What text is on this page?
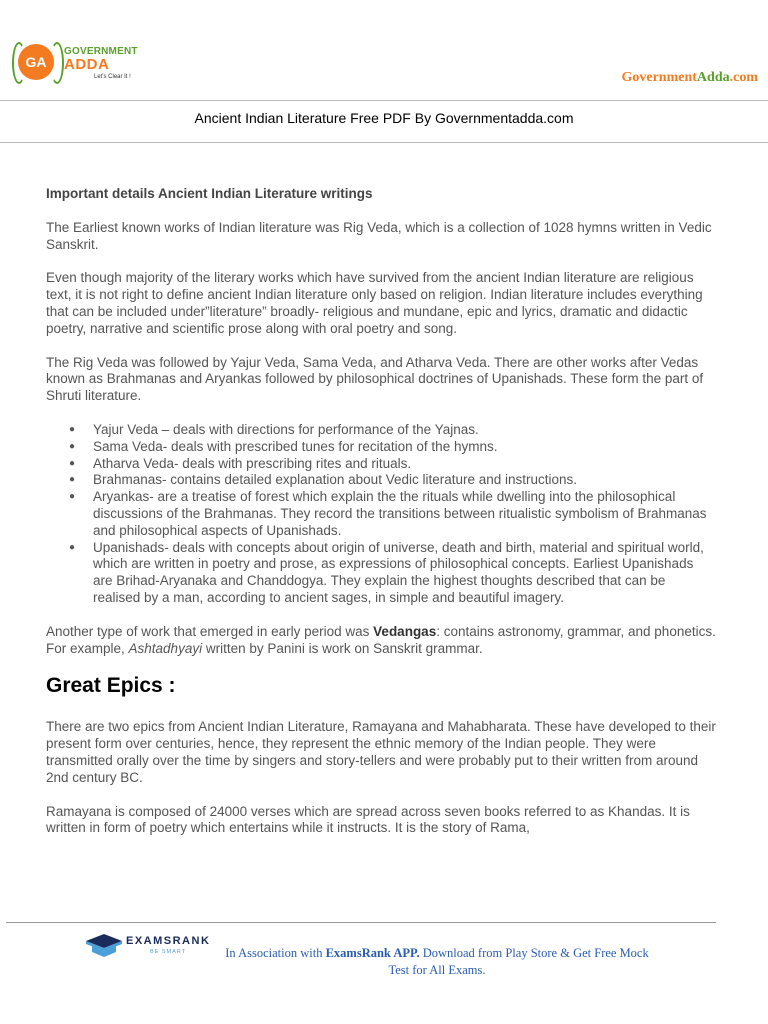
GA
GOVERNMENT
ADDA
Let's Clear It !	GovernmentAdda.com
Ancient Indian Literature Free PDF By Governmentadda.com

Important details Ancient Indian Literature writings

The Earliest known works of Indian literature was Rig Veda, which is a collection of 1028 hymns written in Vedic Sanskrit.

Even though majority of the literary works which have survived from the ancient Indian literature are religious text, it is not right to define ancient Indian literature only based on religion. Indian literature includes everything that can be included under”literature” broadly- religious and mundane, epic and lyrics, dramatic and didactic poetry, narrative and scientific prose along with oral poetry and song.

The Rig Veda was followed by Yajur Veda, Sama Veda, and Atharva Veda. There are other works after Vedas known as Brahmanas and Aryankas followed by philosophical doctrines of Upanishads. These form the part of Shruti literature.

● Yajur Veda – deals with directions for performance of the Yajnas.
● Sama Veda- deals with prescribed tunes for recitation of the hymns.
● Atharva Veda- deals with prescribing rites and rituals.
● Brahmanas- contains detailed explanation about Vedic literature and instructions.
● Aryankas- are a treatise of forest which explain the the rituals while dwelling into the philosophical discussions of the Brahmanas. They record the transitions between ritualistic symbolism of Brahmanas and philosophical aspects of Upanishads.
● Upanishads- deals with concepts about origin of universe, death and birth, material and spiritual world, which are written in poetry and prose, as expressions of philosophical concepts. Earliest Upanishads are Brihad-Aryanaka and Chanddogya. They explain the highest thoughts described that can be realised by a man, according to ancient sages, in simple and beautiful imagery.

Another type of work that emerged in early period was Vedangas: contains astronomy, grammar, and phonetics. For example, Ashtadhyayi written by Panini is work on Sanskrit grammar.

Great Epics :

There are two epics from Ancient Indian Literature, Ramayana and Mahabharata. These have developed to their present form over centuries, hence, they represent the ethnic memory of the Indian people. They were transmitted orally over the time by singers and story-tellers and were probably put to their written from around 2nd century BC.

Ramayana is composed of 24000 verses which are spread across seven books referred to as Khandas. It is written in form of poetry which entertains while it instructs. It is the story of Rama,

EXAMSRANK
BE SMART	In Association with ExamsRank APP. Download from Play Store & Get Free Mock Test for All Exams.
